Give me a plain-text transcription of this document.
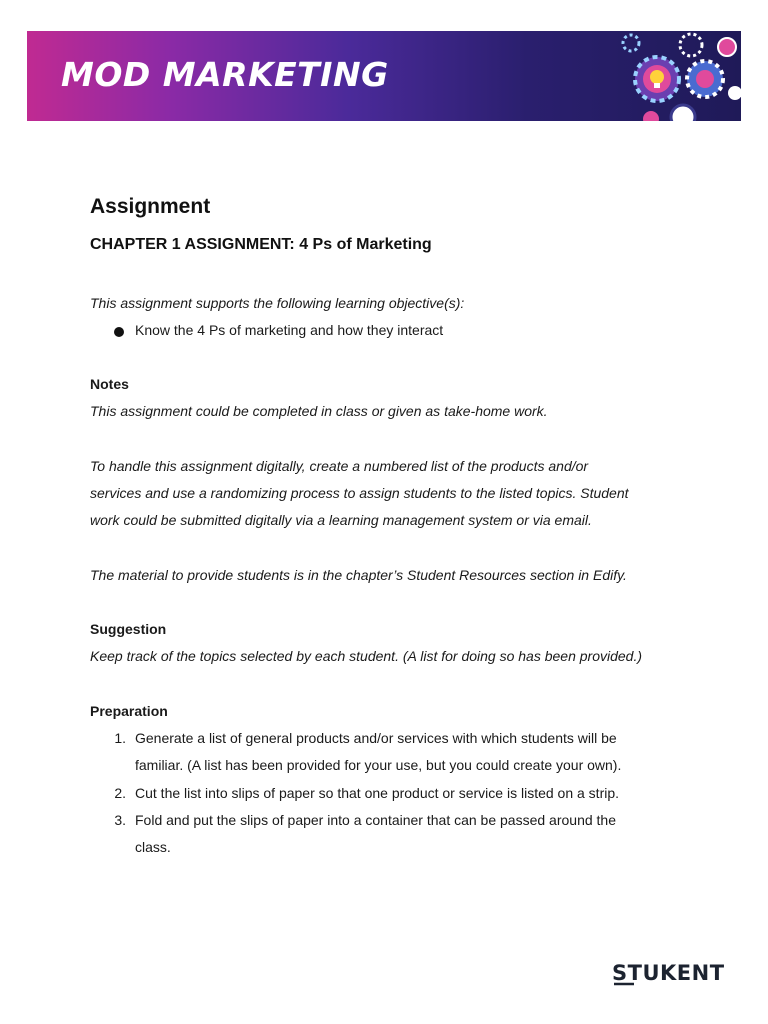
MOD MARKETING
Assignment
CHAPTER 1 ASSIGNMENT: 4 Ps of Marketing
This assignment supports the following learning objective(s):
Know the 4 Ps of marketing and how they interact
Notes
This assignment could be completed in class or given as take-home work.
To handle this assignment digitally, create a numbered list of the products and/or
services and use a randomizing process to assign students to the listed topics. Student
work could be submitted digitally via a learning management system or via email.
The material to provide students is in the chapter’s Student Resources section in Edify.
Suggestion
Keep track of the topics selected by each student. (A list for doing so has been provided.)
Preparation
1. Generate a list of general products and/or services with which students will be
familiar. (A list has been provided for your use, but you could create your own).
2. Cut the list into slips of paper so that one product or service is listed on a strip.
3. Fold and put the slips of paper into a container that can be passed around the
class.
STUKENT
